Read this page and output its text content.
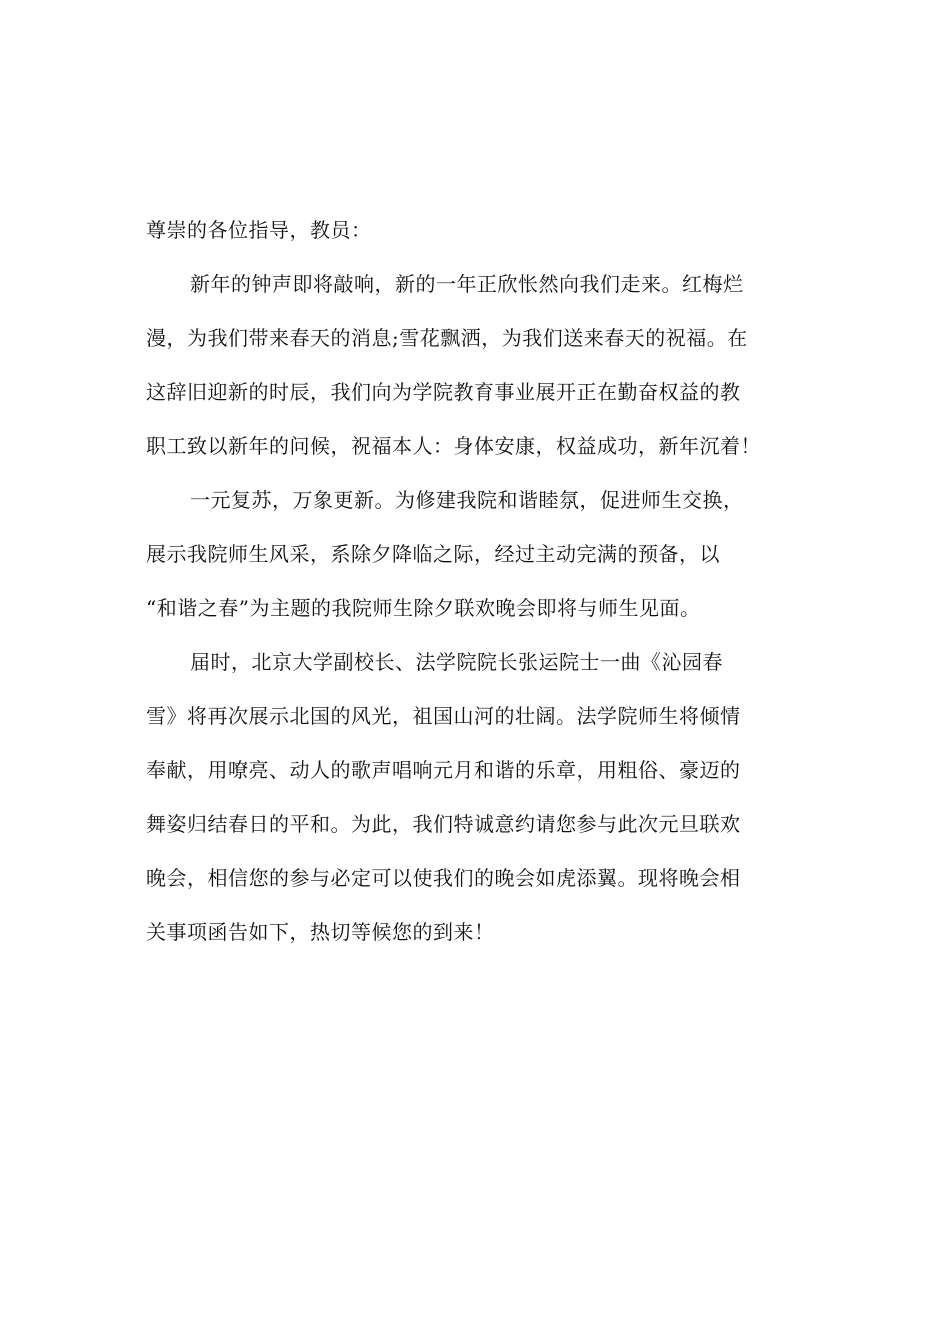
尊崇的各位指导，教员：
新年的钟声即将敲响，新的一年正欣怅然向我们走来。红梅烂
漫，为我们带来春天的消息;雪花飘洒，为我们送来春天的祝福。在
这辞旧迎新的时辰，我们向为学院教育事业展开正在勤奋权益的教
职工致以新年的问候，祝福本人：身体安康，权益成功，新年沉着！
一元复苏，万象更新。为修建我院和谐睦氛，促进师生交换，
展示我院师生风采，系除夕降临之际，经过主动完满的预备，以
“和谐之春”为主题的我院师生除夕联欢晚会即将与师生见面。
届时，北京大学副校长、法学院院长张运院士一曲《沁园春
雪》将再次展示北国的风光，祖国山河的壮阔。法学院师生将倾情
奉献，用嘹亮、动人的歌声唱响元月和谐的乐章，用粗俗、豪迈的
舞姿归结春日的平和。为此，我们特诚意约请您参与此次元旦联欢
晚会，相信您的参与必定可以使我们的晚会如虎添翼。现将晚会相
关事项函告如下，热切等候您的到来！
